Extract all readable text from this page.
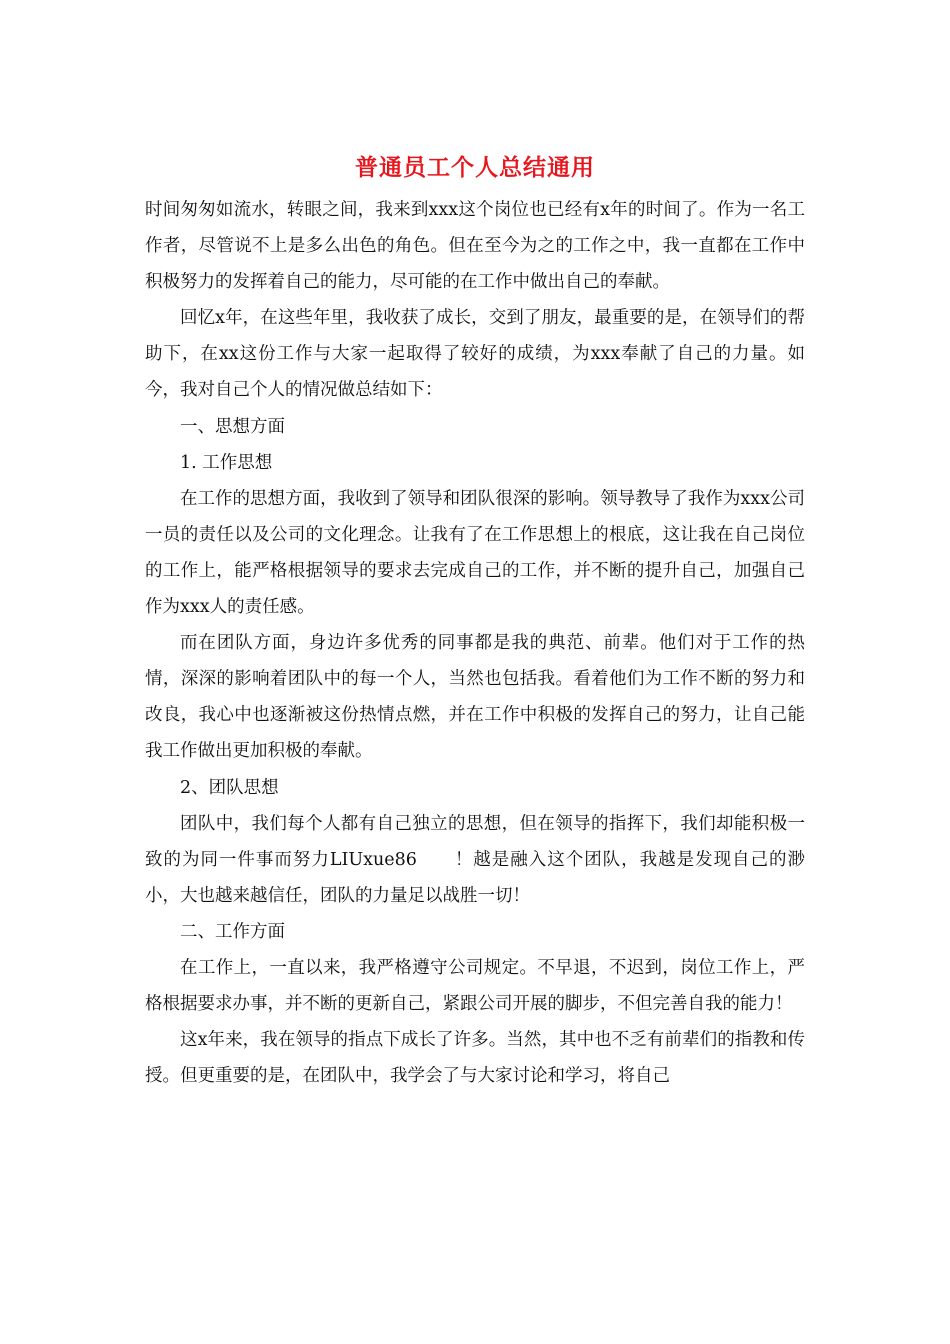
普通员工个人总结通用

时间匆匆如流水，转眼之间，我来到xxx这个岗位也已经有x年的时间了。作为一名工作者，尽管说不上是多么出色的角色。但在至今为之的工作之中，我一直都在工作中积极努力的发挥着自己的能力，尽可能的在工作中做出自己的奉献。

回忆x年，在这些年里，我收获了成长，交到了朋友，最重要的是，在领导们的帮助下，在xx这份工作与大家一起取得了较好的成绩，为xxx奉献了自己的力量。如今，我对自己个人的情况做总结如下：

一、思想方面

1. 工作思想

在工作的思想方面，我收到了领导和团队很深的影响。领导教导了我作为xxx公司一员的责任以及公司的文化理念。让我有了在工作思想上的根底，这让我在自己岗位的工作上，能严格根据领导的要求去完成自己的工作，并不断的提升自己，加强自己作为xxx人的责任感。

而在团队方面，身边许多优秀的同事都是我的典范、前辈。他们对于工作的热情，深深的影响着团队中的每一个人，当然也包括我。看着他们为工作不断的努力和改良，我心中也逐渐被这份热情点燃，并在工作中积极的发挥自己的努力，让自己能我工作做出更加积极的奉献。

2、团队思想

团队中，我们每个人都有自己独立的思想，但在领导的指挥下，我们却能积极一致的为同一件事而努力LIUxue86　　！越是融入这个团队，我越是发现自己的渺小，大也越来越信任，团队的力量足以战胜一切！

二、工作方面

在工作上，一直以来，我严格遵守公司规定。不早退，不迟到，岗位工作上，严格根据要求办事，并不断的更新自己，紧跟公司开展的脚步，不但完善自我的能力！

这x年来，我在领导的指点下成长了许多。当然，其中也不乏有前辈们的指教和传授。但更重要的是，在团队中，我学会了与大家讨论和学习，将自己
